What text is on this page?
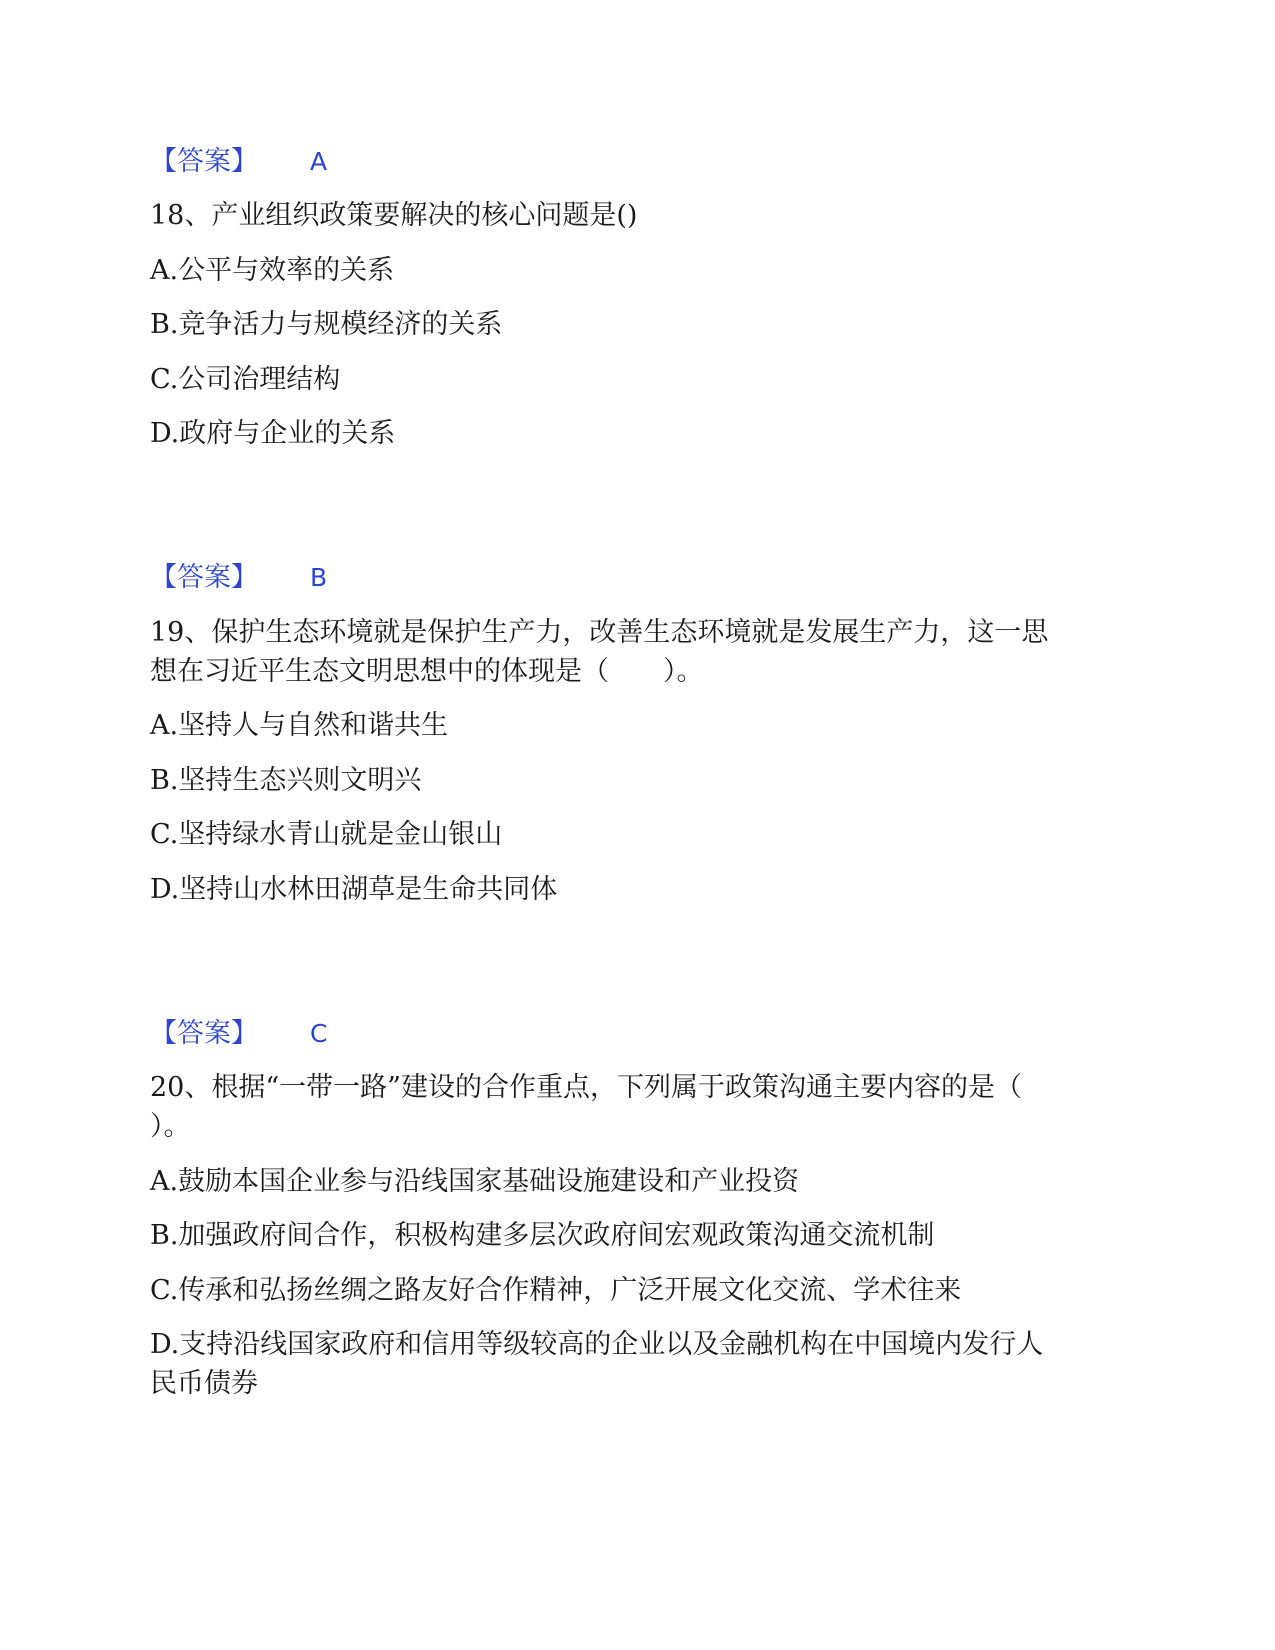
【答案】 A
18、产业组织政策要解决的核心问题是()
A.公平与效率的关系
B.竞争活力与规模经济的关系
C.公司治理结构
D.政府与企业的关系
【答案】 B
19、保护生态环境就是保护生产力，改善生态环境就是发展生产力，这一思
想在习近平生态文明思想中的体现是（　　）。
A.坚持人与自然和谐共生
B.坚持生态兴则文明兴
C.坚持绿水青山就是金山银山
D.坚持山水林田湖草是生命共同体
【答案】 C
20、根据“一带一路”建设的合作重点，下列属于政策沟通主要内容的是（
）。
A.鼓励本国企业参与沿线国家基础设施建设和产业投资
B.加强政府间合作，积极构建多层次政府间宏观政策沟通交流机制
C.传承和弘扬丝绸之路友好合作精神，广泛开展文化交流、学术往来
D.支持沿线国家政府和信用等级较高的企业以及金融机构在中国境内发行人
民币债券
